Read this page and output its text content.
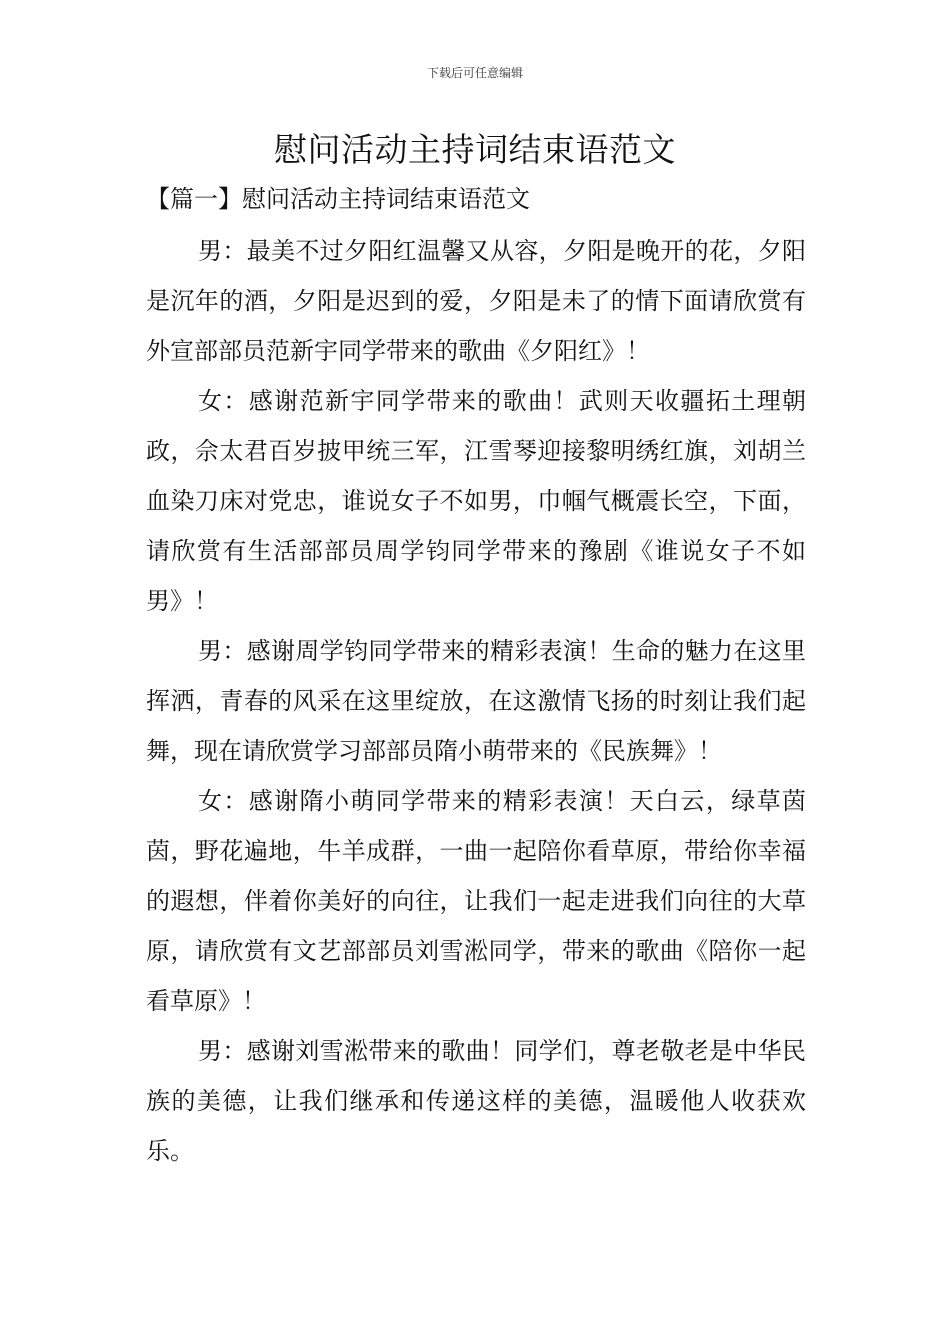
下载后可任意编辑
慰问活动主持词结束语范文
【篇一】慰问活动主持词结束语范文

男：最美不过夕阳红温馨又从容，夕阳是晚开的花，夕阳是沉年的酒，夕阳是迟到的爱，夕阳是未了的情下面请欣赏有外宣部部员范新宇同学带来的歌曲《夕阳红》！

女：感谢范新宇同学带来的歌曲！武则天收疆拓土理朝政，佘太君百岁披甲统三军，江雪琴迎接黎明绣红旗，刘胡兰血染刀床对党忠，谁说女子不如男，巾帼气概震长空，下面，请欣赏有生活部部员周学钧同学带来的豫剧《谁说女子不如男》！

男：感谢周学钧同学带来的精彩表演！生命的魅力在这里挥洒，青春的风采在这里绽放，在这激情飞扬的时刻让我们起舞，现在请欣赏学习部部员隋小萌带来的《民族舞》！

女：感谢隋小萌同学带来的精彩表演！天白云，绿草茵茵，野花遍地，牛羊成群，一曲一起陪你看草原，带给你幸福的遐想，伴着你美好的向往，让我们一起走进我们向往的大草原，请欣赏有文艺部部员刘雪淞同学，带来的歌曲《陪你一起看草原》！

男：感谢刘雪淞带来的歌曲！同学们，尊老敬老是中华民族的美德，让我们继承和传递这样的美德，温暖他人收获欢乐。
